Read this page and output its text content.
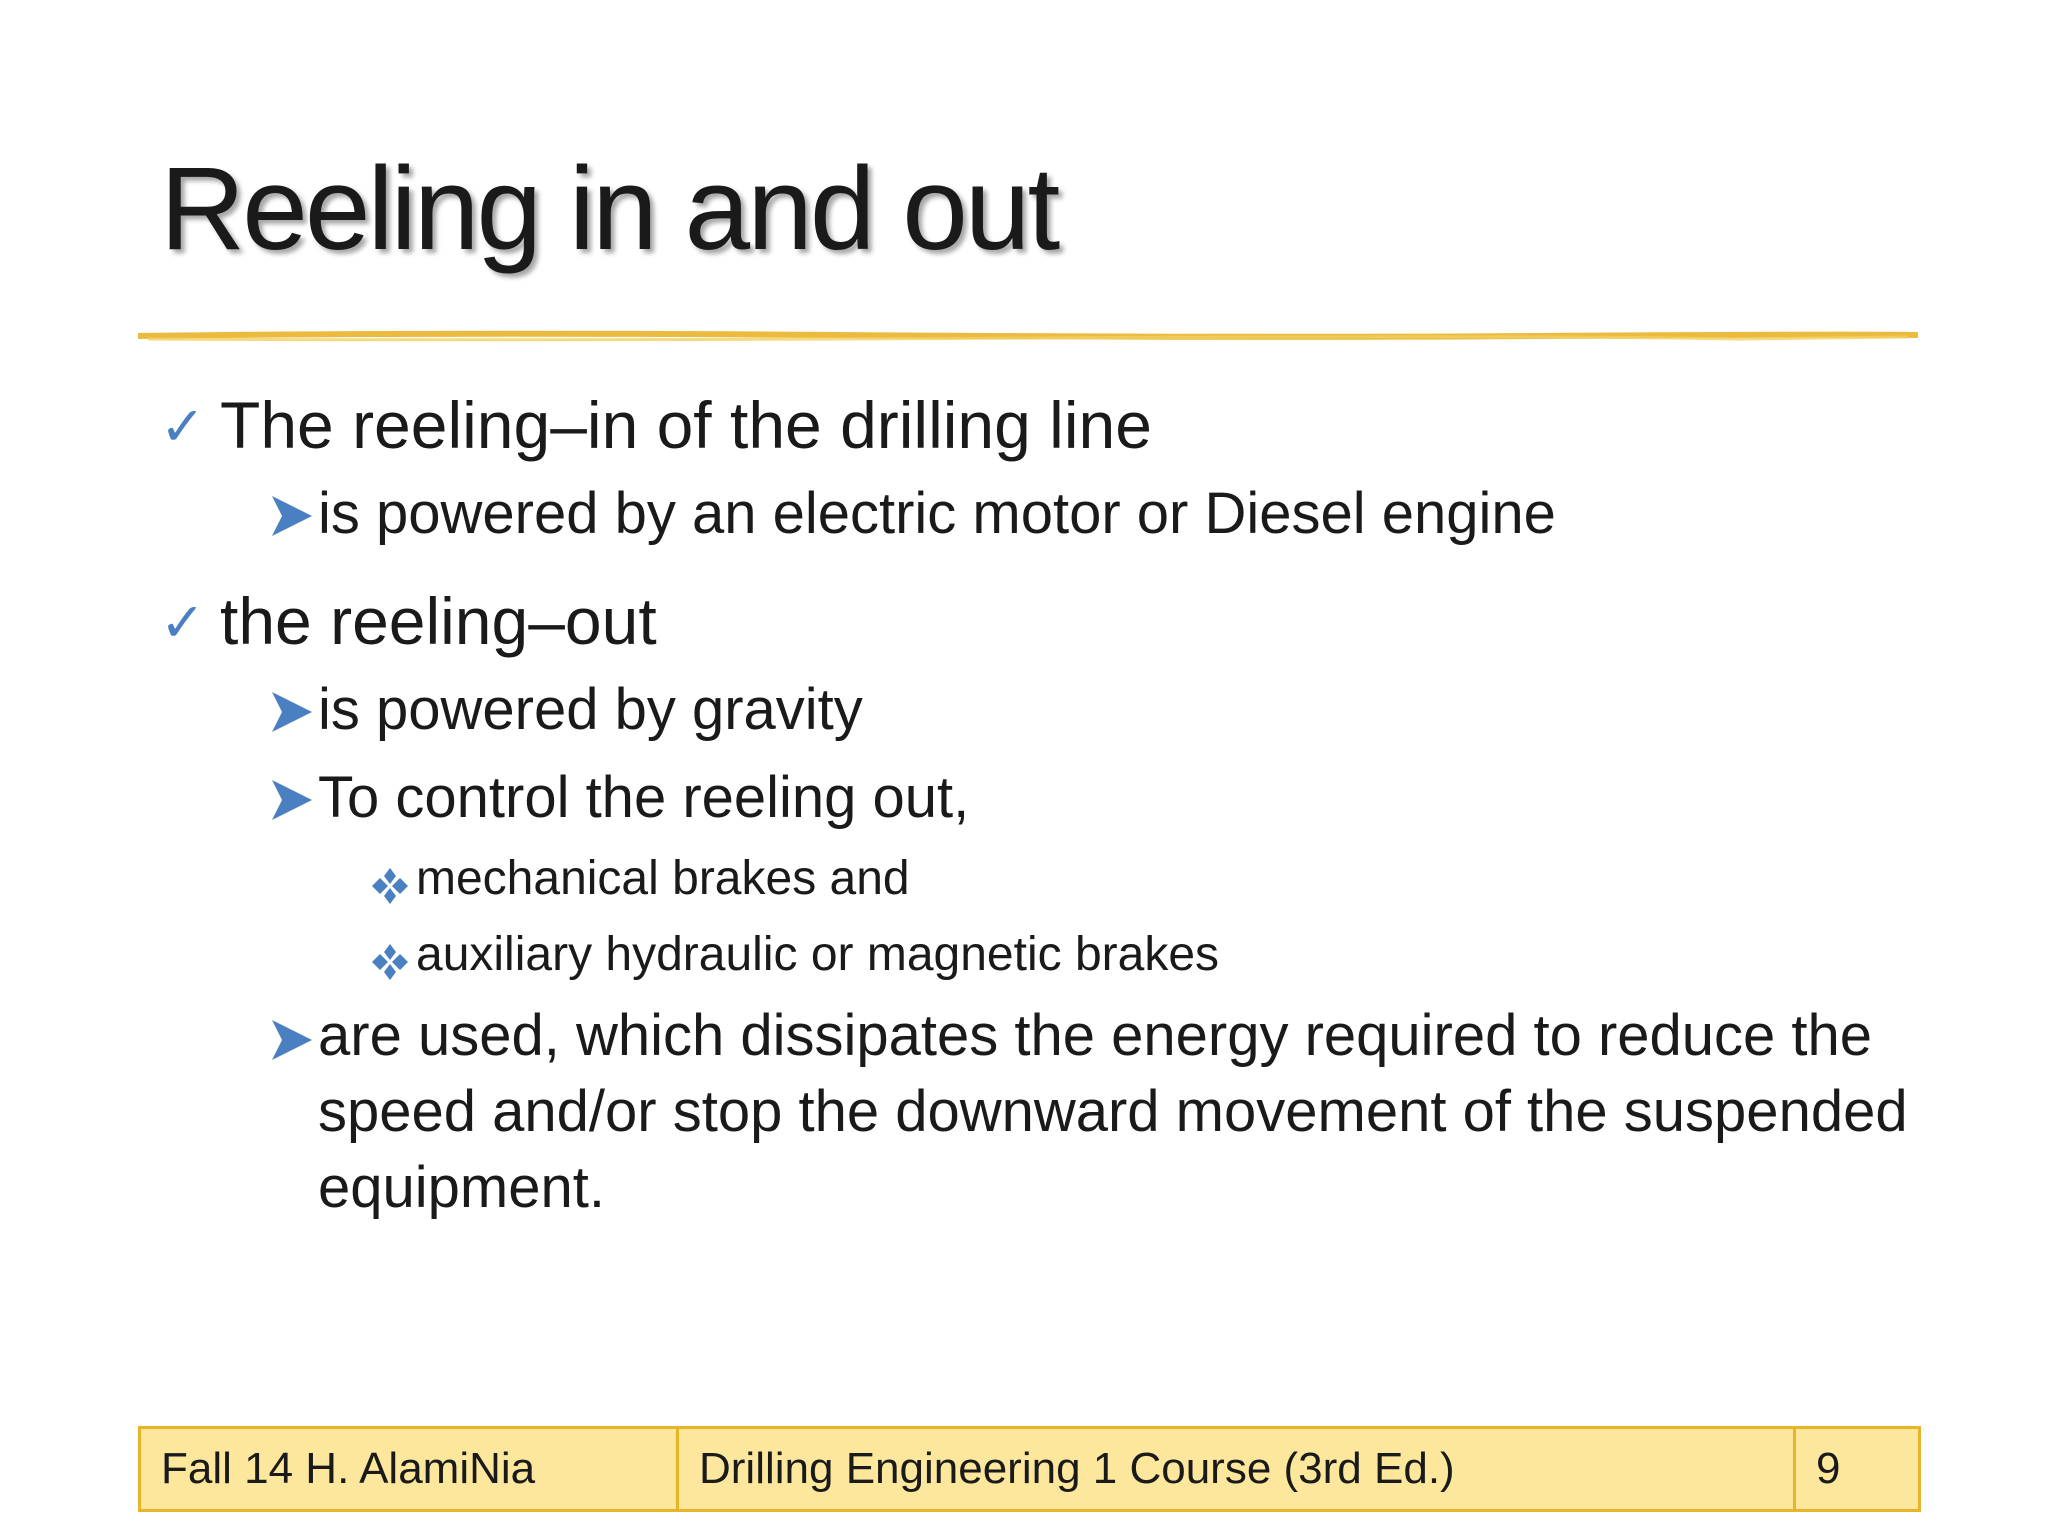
Reeling in and out
✓ The reeling–in of the drilling line
is powered by an electric motor or Diesel engine
✓ the reeling–out
is powered by gravity
To control the reeling out,
mechanical brakes and
auxiliary hydraulic or magnetic brakes
are used, which dissipates the energy required to reduce the speed and/or stop the downward movement of the suspended equipment.
Fall 14 H. AlamiNia	Drilling Engineering 1 Course (3rd Ed.)	9
